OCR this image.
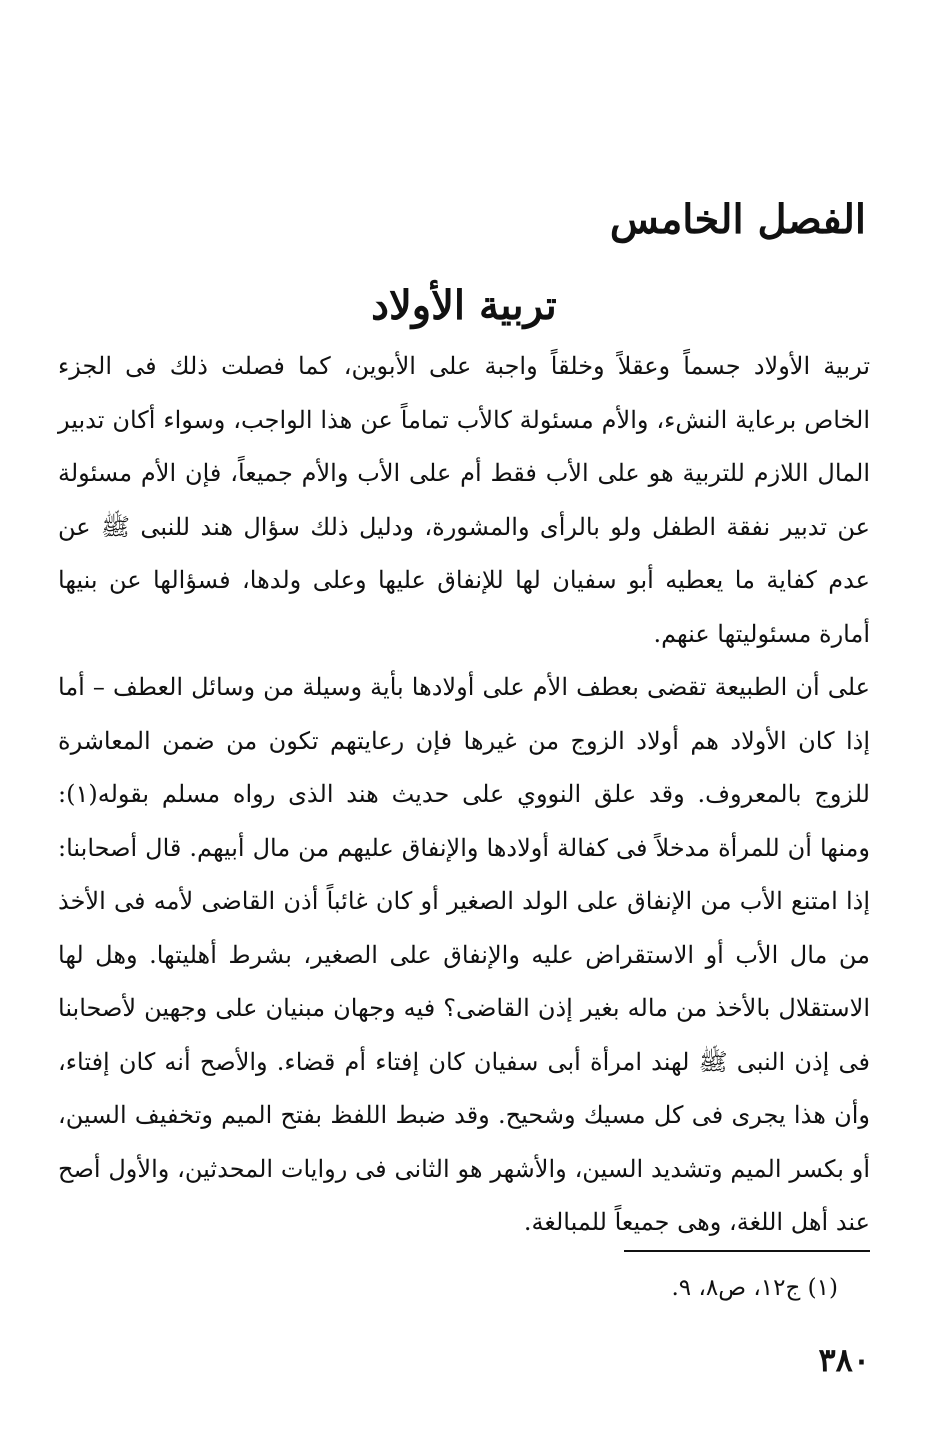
الفصل الخامس
تربية الأولاد

تربية الأولاد جسماً وعقلاً وخلقاً واجبة على الأبوين، كما فصلت ذلك فى الجزء الخاص برعاية النشء، والأم مسئولة كالأب تماماً عن هذا الواجب، وسواء أكان تدبير المال اللازم للتربية هو على الأب فقط أم على الأب والأم جميعاً، فإن الأم مسئولة عن تدبير نفقة الطفل ولو بالرأى والمشورة، ودليل ذلك سؤال هند للنبى ﷺ عن عدم كفاية ما يعطيه أبو سفيان لها للإنفاق عليها وعلى ولدها، فسؤالها عن بنيها أمارة مسئوليتها عنهم.

على أن الطبيعة تقضى بعطف الأم على أولادها بأية وسيلة من وسائل العطف – أما إذا كان الأولاد هم أولاد الزوج من غيرها فإن رعايتهم تكون من ضمن المعاشرة للزوج بالمعروف. وقد علق النووي على حديث هند الذى رواه مسلم بقوله(١): ومنها أن للمرأة مدخلاً فى كفالة أولادها والإنفاق عليهم من مال أبيهم. قال أصحابنا: إذا امتنع الأب من الإنفاق على الولد الصغير أو كان غائباً أذن القاضى لأمه فى الأخذ من مال الأب أو الاستقراض عليه والإنفاق على الصغير، بشرط أهليتها. وهل لها الاستقلال بالأخذ من ماله بغير إذن القاضى؟ فيه وجهان مبنيان على وجهين لأصحابنا فى إذن النبى ﷺ لهند امرأة أبى سفيان كان إفتاء أم قضاء. والأصح أنه كان إفتاء، وأن هذا يجرى فى كل مسيك وشحيح. وقد ضبط اللفظ بفتح الميم وتخفيف السين، أو بكسر الميم وتشديد السين، والأشهر هو الثانى فى روايات المحدثين، والأول أصح عند أهل اللغة، وهى جميعاً للمبالغة.

(١) ج١٢، ص٨، ٩.

٣٨٠
